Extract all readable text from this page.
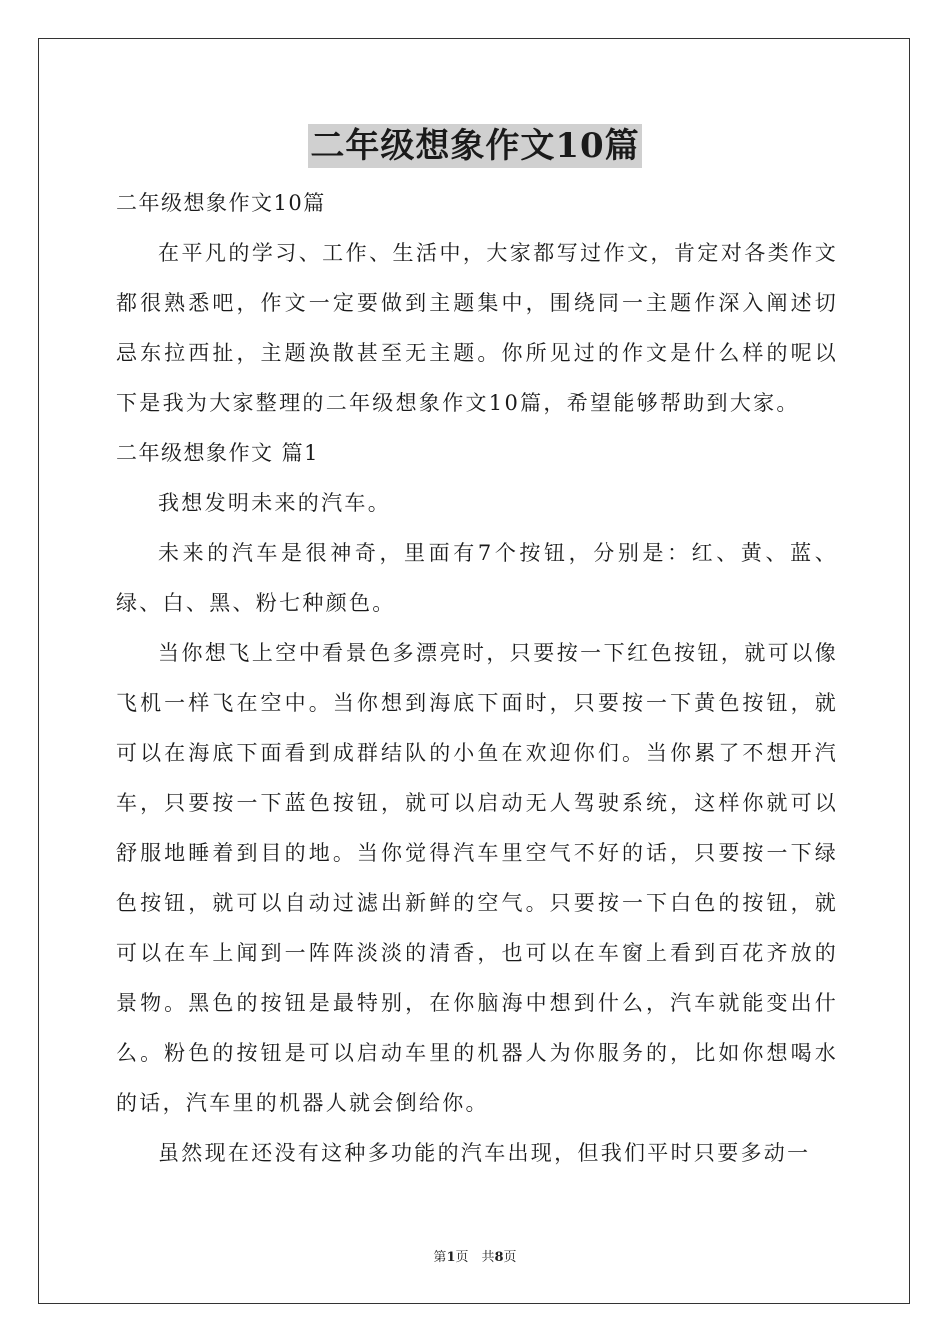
二年级想象作文10篇

二年级想象作文10篇

在平凡的学习、工作、生活中，大家都写过作文，肯定对各类作文都很熟悉吧，作文一定要做到主题集中，围绕同一主题作深入阐述切忌东拉西扯，主题涣散甚至无主题。你所见过的作文是什么样的呢以下是我为大家整理的二年级想象作文10篇，希望能够帮助到大家。

二年级想象作文 篇1

我想发明未来的汽车。

未来的汽车是很神奇，里面有7个按钮，分别是：红、黄、蓝、绿、白、黑、粉七种颜色。

当你想飞上空中看景色多漂亮时，只要按一下红色按钮，就可以像飞机一样飞在空中。当你想到海底下面时，只要按一下黄色按钮，就可以在海底下面看到成群结队的小鱼在欢迎你们。当你累了不想开汽车，只要按一下蓝色按钮，就可以启动无人驾驶系统，这样你就可以舒服地睡着到目的地。当你觉得汽车里空气不好的话，只要按一下绿色按钮，就可以自动过滤出新鲜的空气。只要按一下白色的按钮，就可以在车上闻到一阵阵淡淡的清香，也可以在车窗上看到百花齐放的景物。黑色的按钮是最特别，在你脑海中想到什么，汽车就能变出什么。粉色的按钮是可以启动车里的机器人为你服务的，比如你想喝水的话，汽车里的机器人就会倒给你。

虽然现在还没有这种多功能的汽车出现，但我们平时只要多动一

第1页　共8页
